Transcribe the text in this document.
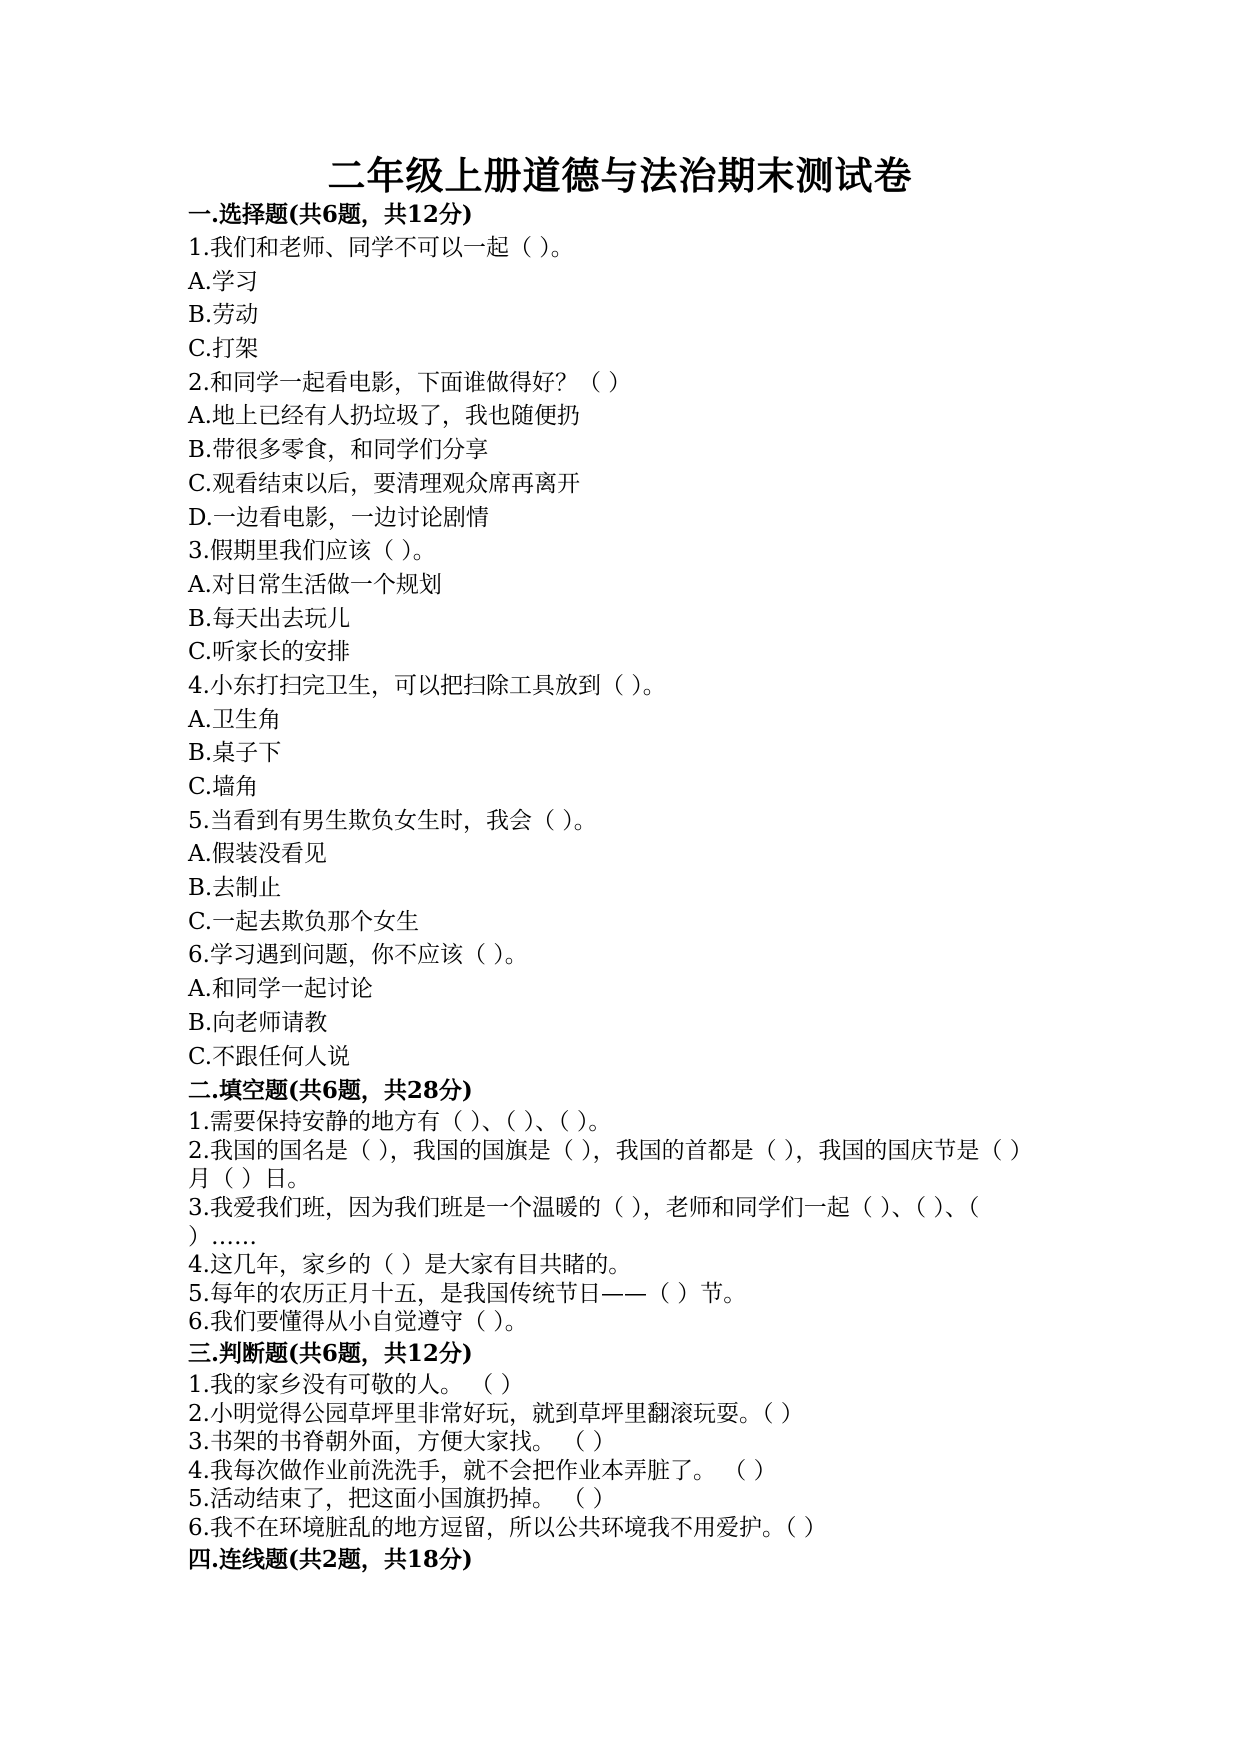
二年级上册道德与法治期末测试卷
一.选择题(共6题，共12分)
1.我们和老师、同学不可以一起（ ）。
A.学习
B.劳动
C.打架
2.和同学一起看电影，下面谁做得好？（ ）
A.地上已经有人扔垃圾了，我也随便扔
B.带很多零食，和同学们分享
C.观看结束以后，要清理观众席再离开
D.一边看电影，一边讨论剧情
3.假期里我们应该（ ）。
A.对日常生活做一个规划
B.每天出去玩儿
C.听家长的安排
4.小东打扫完卫生，可以把扫除工具放到（ ）。
A.卫生角
B.桌子下
C.墙角
5.当看到有男生欺负女生时，我会（ ）。
A.假装没看见
B.去制止
C.一起去欺负那个女生
6.学习遇到问题，你不应该（ ）。
A.和同学一起讨论
B.向老师请教
C.不跟任何人说
二.填空题(共6题，共28分)
1.需要保持安静的地方有（ ）、（ ）、（ ）。
2.我国的国名是（ ），我国的国旗是（ ），我国的首都是（ ），我国的国庆节是（ ）月（ ）日。
3.我爱我们班，因为我们班是一个温暖的（ ），老师和同学们一起（ ）、（ ）、（ ）……
4.这几年，家乡的（ ）是大家有目共睹的。
5.每年的农历正月十五，是我国传统节日——（ ）节。
6.我们要懂得从小自觉遵守（ ）。
三.判断题(共6题，共12分)
1.我的家乡没有可敬的人。 （ ）
2.小明觉得公园草坪里非常好玩，就到草坪里翻滚玩耍。（ ）
3.书架的书脊朝外面，方便大家找。 （ ）
4.我每次做作业前洗洗手，就不会把作业本弄脏了。 （ ）
5.活动结束了，把这面小国旗扔掉。 （ ）
6.我不在环境脏乱的地方逗留，所以公共环境我不用爱护。（ ）
四.连线题(共2题，共18分)
